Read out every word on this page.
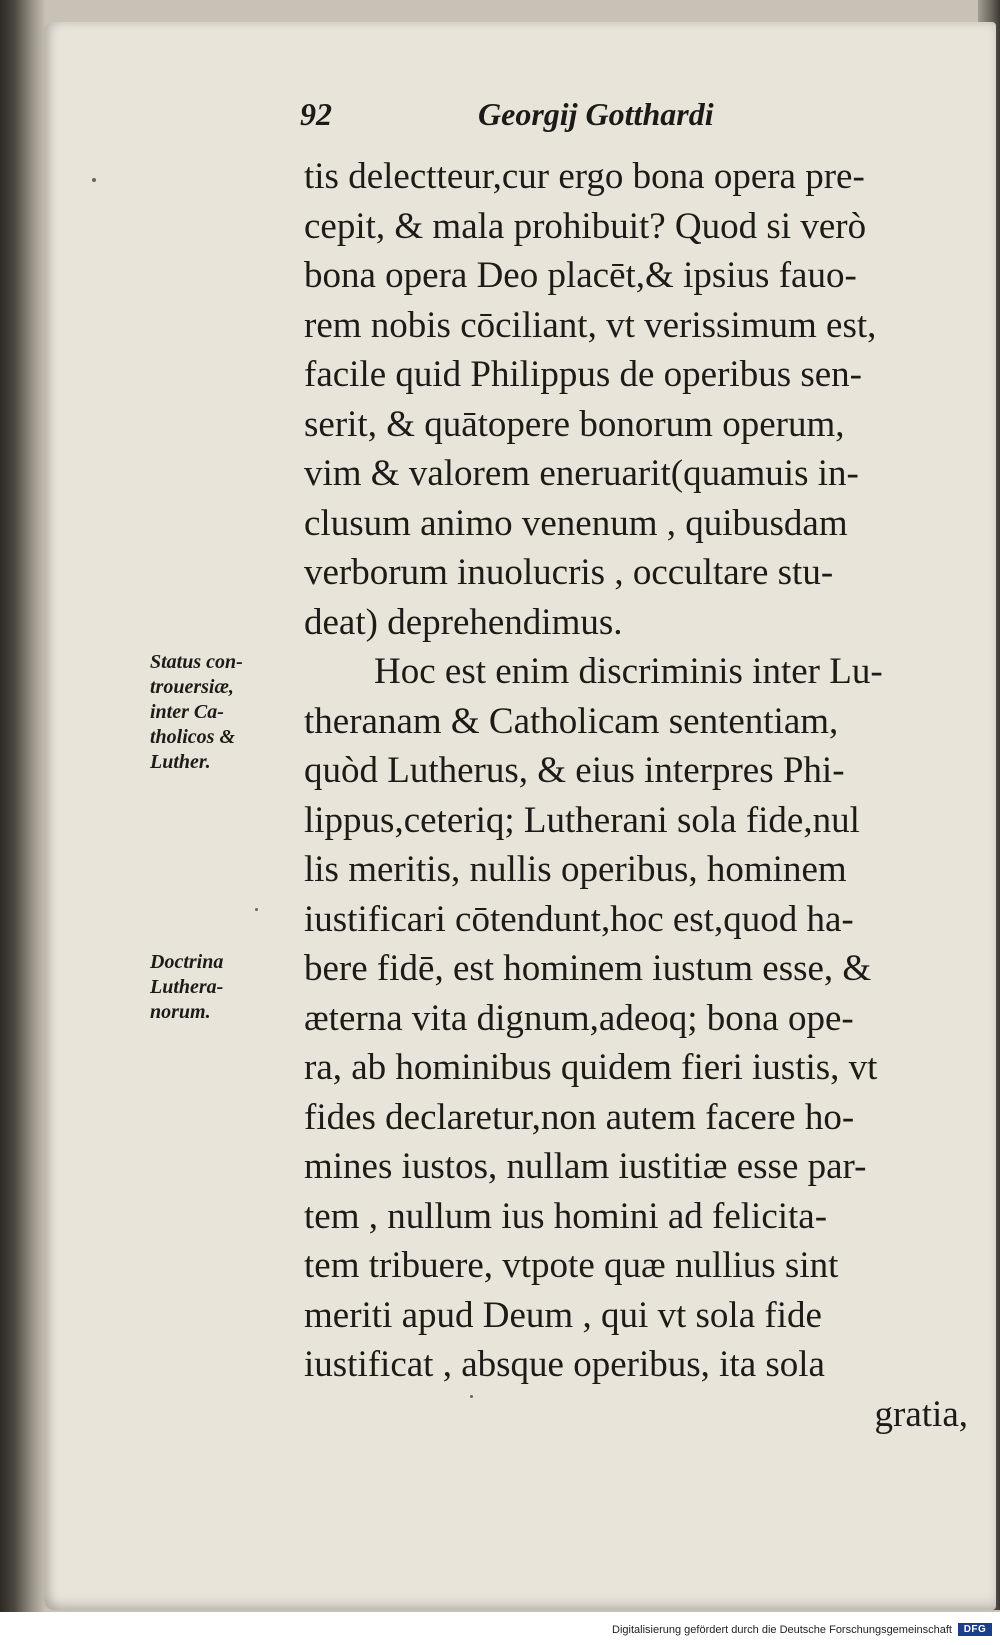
92	Georgij Gotthardi
Status con-
trouersiæ,
inter Ca-
tholicos &
Luther.
Doctrina
Luthera-
norum.
tis delectteur,cur ergo bona opera pre-
cepit, & mala prohibuit? Quod si verò
bona opera Deo placēt,& ipsius fauo-
rem nobis cōciliant, vt verissimum est,
facile quid Philippus de operibus sen-
serit, & quātopere bonorum operum,
vim & valorem eneruarit(quamuis in-
clusum animo venenum , quibusdam
verborum inuolucris , occultare stu-
deat) deprehendimus.
Hoc est enim discriminis inter Lu-
theranam & Catholicam sententiam,
quòd Lutherus, & eius interpres Phi-
lippus,ceteriq; Lutherani sola fide,nul
lis meritis, nullis operibus, hominem
iustificari cōtendunt,hoc est,quod ha-
bere fidē, est hominem iustum esse, &
æterna vita dignum,adeoq; bona ope-
ra, ab hominibus quidem fieri iustis, vt
fides declaretur,non autem facere ho-
mines iustos, nullam iustitiæ esse par-
tem , nullum ius homini ad felicita-
tem tribuere, vtpote quæ nullius sint
meriti apud Deum , qui vt sola fide
iustificat , absque operibus, ita sola
gratia,
Digitalisierung gefördert durch die Deutsche Forschungsgemeinschaft	DFG
